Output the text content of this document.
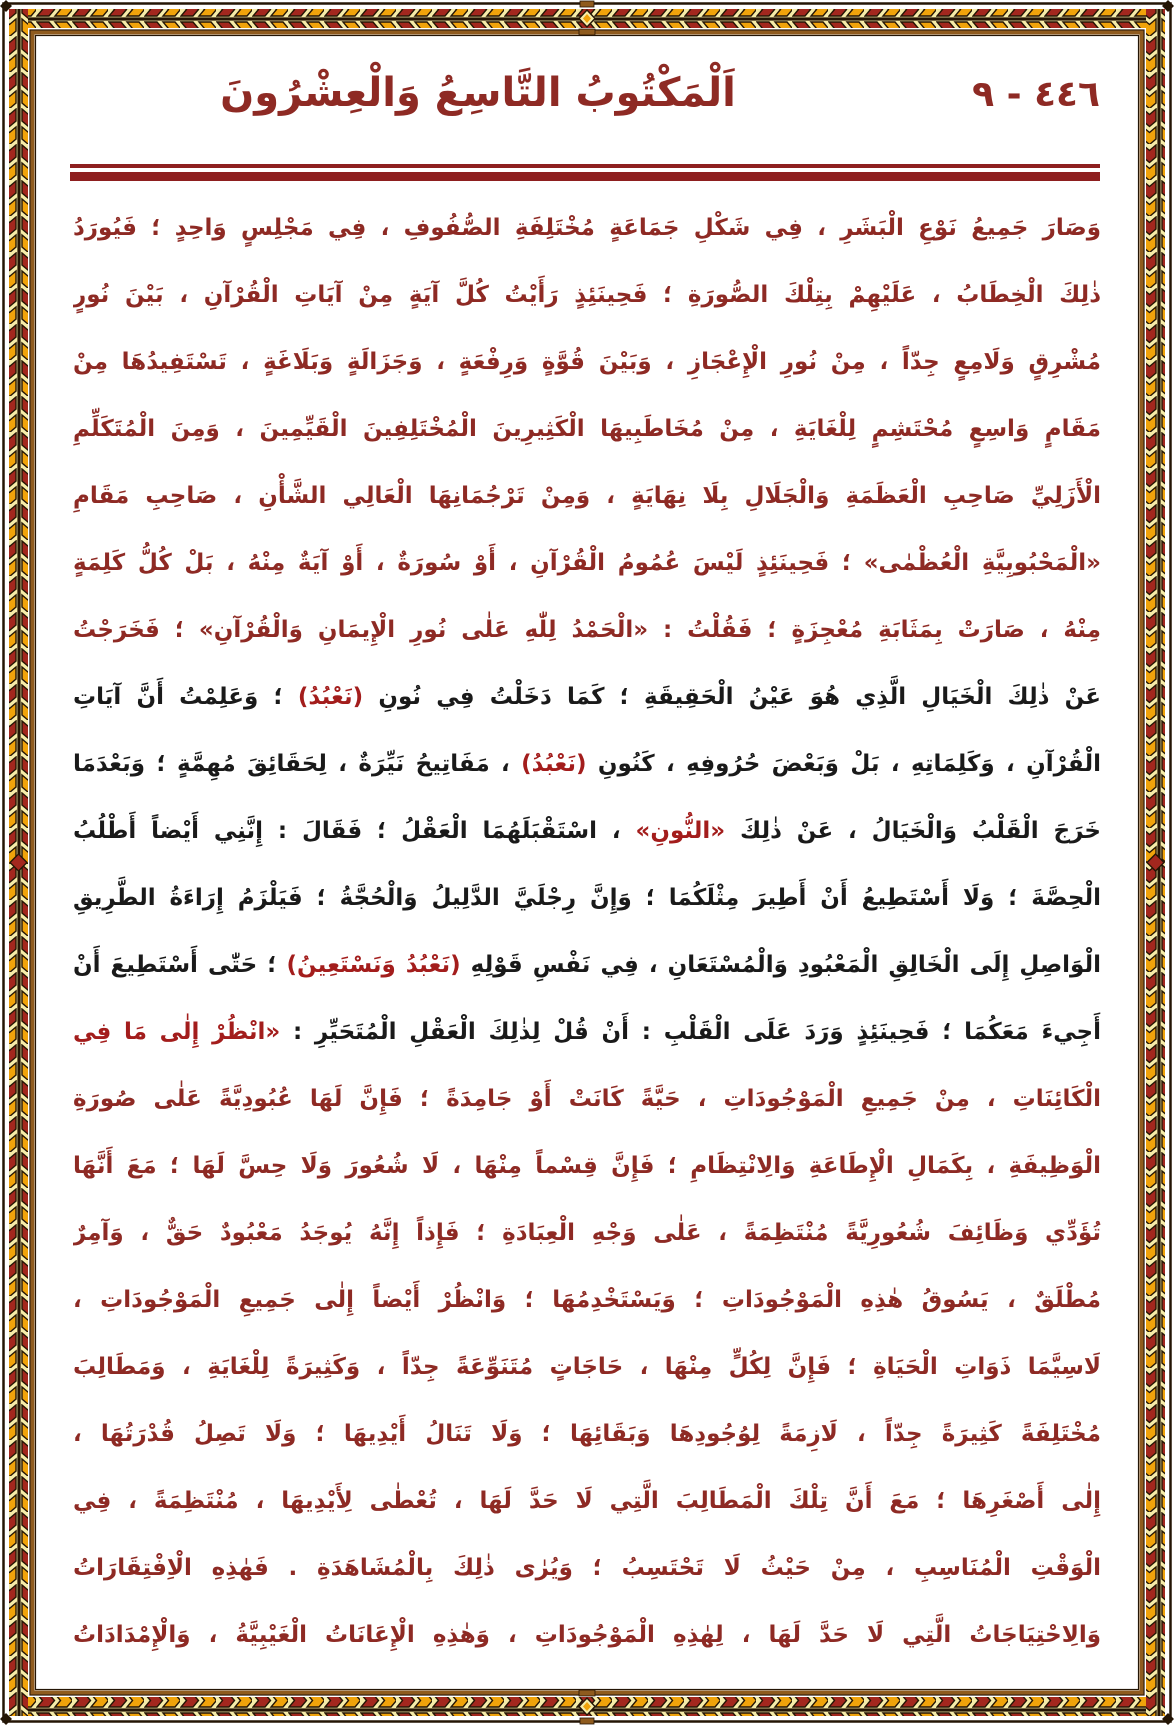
اَلْمَكْتُوبُ التَّاسِعُ وَالْعِشْرُونَ	٤٤٦ - ٩
وَصَارَ جَمِيعُ نَوْعِ الْبَشَرِ ، فِي شَكْلِ جَمَاعَةٍ مُخْتَلِفَةِ الصُّفُوفِ ، فِي مَجْلِسٍ وَاحِدٍ ؛ فَيُورَدُ
ذٰلِكَ الْخِطَابُ ، عَلَيْهِمْ بِتِلْكَ الصُّورَةِ ؛ فَحِينَئِذٍ رَأَيْتُ كُلَّ آيَةٍ مِنْ آيَاتِ الْقُرْآنِ ، بَيْنَ نُورٍ
مُشْرِقٍ وَلَامِعٍ جِدّاً ، مِنْ نُورِ الْإِعْجَازِ ، وَبَيْنَ قُوَّةٍ وَرِفْعَةٍ ، وَجَزَالَةٍ وَبَلَاغَةٍ ، تَسْتَفِيدُهَا مِنْ
مَقَامٍ وَاسِعٍ مُحْتَشِمٍ لِلْغَايَةِ ، مِنْ مُخَاطَبِيهَا الْكَثِيرِينَ الْمُخْتَلِفِينَ الْقَيِّمِينَ ، وَمِنَ الْمُتَكَلِّمِ
الْأَزَلِيِّ صَاحِبِ الْعَظَمَةِ وَالْجَلَالِ بِلَا نِهَايَةٍ ، وَمِنْ تَرْجُمَانِهَا الْعَالِي الشَّأْنِ ، صَاحِبِ مَقَامِ
«الْمَحْبُوبِيَّةِ الْعُظْمٰى» ؛ فَحِينَئِذٍ لَيْسَ عُمُومُ الْقُرْآنِ ، أَوْ سُورَةٌ ، أَوْ آيَةٌ مِنْهُ ، بَلْ كُلُّ كَلِمَةٍ
مِنْهُ ، صَارَتْ بِمَثَابَةِ مُعْجِزَةٍ ؛ فَقُلْتُ : «الْحَمْدُ لِلّٰهِ عَلٰى نُورِ الْإِيمَانِ وَالْقُرْآنِ» ؛ فَخَرَجْتُ
عَنْ ذٰلِكَ الْخَيَالِ الَّذِي هُوَ عَيْنُ الْحَقِيقَةِ ؛ كَمَا دَخَلْتُ فِي نُونِ (نَعْبُدُ) ؛ وَعَلِمْتُ أَنَّ آيَاتِ
الْقُرْآنِ ، وَكَلِمَاتِهِ ، بَلْ وَبَعْضَ حُرُوفِهِ ، كَنُونِ (نَعْبُدُ) ، مَفَاتِيحُ نَيِّرَةٌ ، لِحَقَائِقَ مُهِمَّةٍ ؛ وَبَعْدَمَا
خَرَجَ الْقَلْبُ وَالْخَيَالُ ، عَنْ ذٰلِكَ «النُّونِ» ، اسْتَقْبَلَهُمَا الْعَقْلُ ؛ فَقَالَ : إِنَّنِي أَيْضاً أَطْلُبُ
الْحِصَّةَ ؛ وَلَا أَسْتَطِيعُ أَنْ أَطِيرَ مِثْلَكُمَا ؛ وَإِنَّ رِجْلَيَّ الدَّلِيلُ وَالْحُجَّةُ ؛ فَيَلْزَمُ إِرَاءَةُ الطَّرِيقِ
الْوَاصِلِ إِلَى الْخَالِقِ الْمَعْبُودِ وَالْمُسْتَعَانِ ، فِي نَفْسِ قَوْلِهِ (نَعْبُدُ وَنَسْتَعِينُ) ؛ حَتّٰى أَسْتَطِيعَ أَنْ
أَجِيءَ مَعَكُمَا ؛ فَحِينَئِذٍ وَرَدَ عَلَى الْقَلْبِ : أَنْ قُلْ لِذٰلِكَ الْعَقْلِ الْمُتَحَيِّرِ : «انْظُرْ إِلٰى مَا فِي
الْكَائِنَاتِ ، مِنْ جَمِيعِ الْمَوْجُودَاتِ ، حَيَّةً كَانَتْ أَوْ جَامِدَةً ؛ فَإِنَّ لَهَا عُبُودِيَّةً عَلٰى صُورَةِ
الْوَظِيفَةِ ، بِكَمَالِ الْإِطَاعَةِ وَالِانْتِظَامِ ؛ فَإِنَّ قِسْماً مِنْهَا ، لَا شُعُورَ وَلَا حِسَّ لَهَا ؛ مَعَ أَنَّهَا
تُؤَدِّي وَظَائِفَ شُعُورِيَّةً مُنْتَظِمَةً ، عَلٰى وَجْهِ الْعِبَادَةِ ؛ فَإِذاً إِنَّهُ يُوجَدُ مَعْبُودٌ حَقٌّ ، وَآمِرٌ
مُطْلَقٌ ، يَسُوقُ هٰذِهِ الْمَوْجُودَاتِ ؛ وَيَسْتَخْدِمُهَا ؛ وَانْظُرْ أَيْضاً إِلٰى جَمِيعِ الْمَوْجُودَاتِ ،
لَاسِيَّمَا ذَوَاتِ الْحَيَاةِ ؛ فَإِنَّ لِكُلٍّ مِنْهَا ، حَاجَاتٍ مُتَنَوِّعَةً جِدّاً ، وَكَثِيرَةً لِلْغَايَةِ ، وَمَطَالِبَ
مُخْتَلِفَةً كَثِيرَةً جِدّاً ، لَازِمَةً لِوُجُودِهَا وَبَقَائِهَا ؛ وَلَا تَنَالُ أَيْدِيهَا ؛ وَلَا تَصِلُ قُدْرَتُهَا ،
إِلٰى أَصْغَرِهَا ؛ مَعَ أَنَّ تِلْكَ الْمَطَالِبَ الَّتِي لَا حَدَّ لَهَا ، تُعْطٰى لِأَيْدِيهَا ، مُنْتَظِمَةً ، فِي
الْوَقْتِ الْمُنَاسِبِ ، مِنْ حَيْثُ لَا تَحْتَسِبُ ؛ وَيُرٰى ذٰلِكَ بِالْمُشَاهَدَةِ . فَهٰذِهِ الْاِفْتِقَارَاتُ
وَالِاحْتِيَاجَاتُ الَّتِي لَا حَدَّ لَهَا ، لِهٰذِهِ الْمَوْجُودَاتِ ، وَهٰذِهِ الْإِعَانَاتُ الْغَيْبِيَّةُ ، وَالْإِمْدَادَاتُ
